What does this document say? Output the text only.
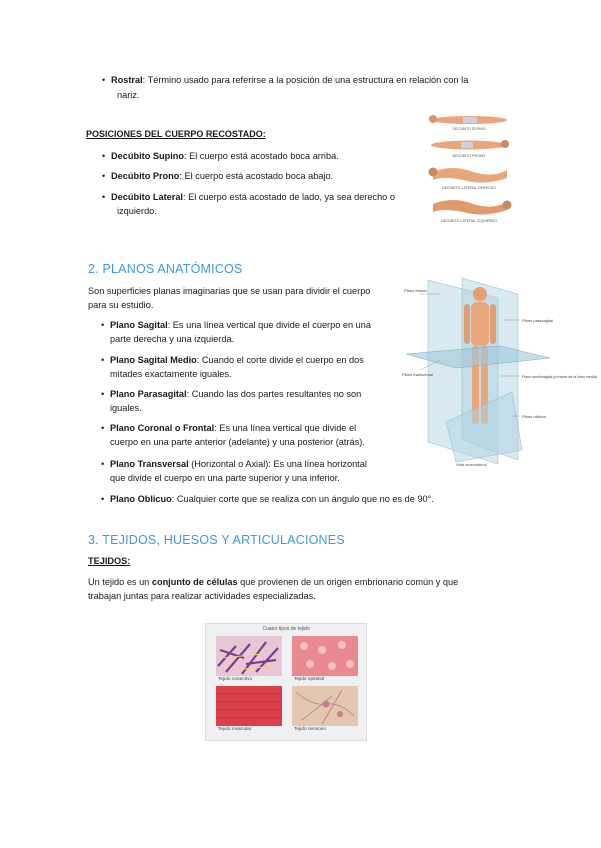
• Rostral: Término usado para referirse a la posición de una estructura en relación con la
nariz.
POSICIONES DEL CUERPO RECOSTADO:
• Decúbito Supino: El cuerpo está acostado boca arriba.
• Decúbito Prono: El cuerpo está acostado boca abajo.
• Decúbito Lateral: El cuerpo está acostado de lado, ya sea derecho o
izquierdo.
DECÚBITO SUPINO
DECÚBITO PRONO
DECÚBITO LATERAL DERECHO
DECÚBITO LATERAL IZQUIERDO
2. PLANOS ANATÓMICOS
Son superficies planas imaginarias que se usan para dividir el cuerpo
para su estudio.
• Plano Sagital: Es una línea vertical que divide el cuerpo en una
parte derecha y una izquierda.
• Plano Sagital Medio: Cuando el corte divide el cuerpo en dos
mitades exactamente iguales.
• Plano Parasagital: Cuando las dos partes resultantes no son
iguales.
• Plano Coronal o Frontal: Es una línea vertical que divide el
cuerpo en una parte anterior (adelante) y una posterior (atrás).
• Plano Transversal (Horizontal o Axial): Es una línea horizontal
que divide el cuerpo en una parte superior y una inferior.
• Plano Oblicuo: Cualquier corte que se realiza con un ángulo que no es de 90°.
Plano frontal
Plano parasagital
Plano transversal	Plano mediosagital (a través de la línea media)
Plano oblicuo
Vista anterolateral
3. TEJIDOS, HUESOS Y ARTICULACIONES
TEJIDOS:
Un tejido es un conjunto de células que provienen de un origen embrionario común y que
trabajan juntas para realizar actividades especializadas.
Cuatro tipos de tejido
Tejido conectivo	Tejido epitelial
Tejido muscular	Tejido nervioso
